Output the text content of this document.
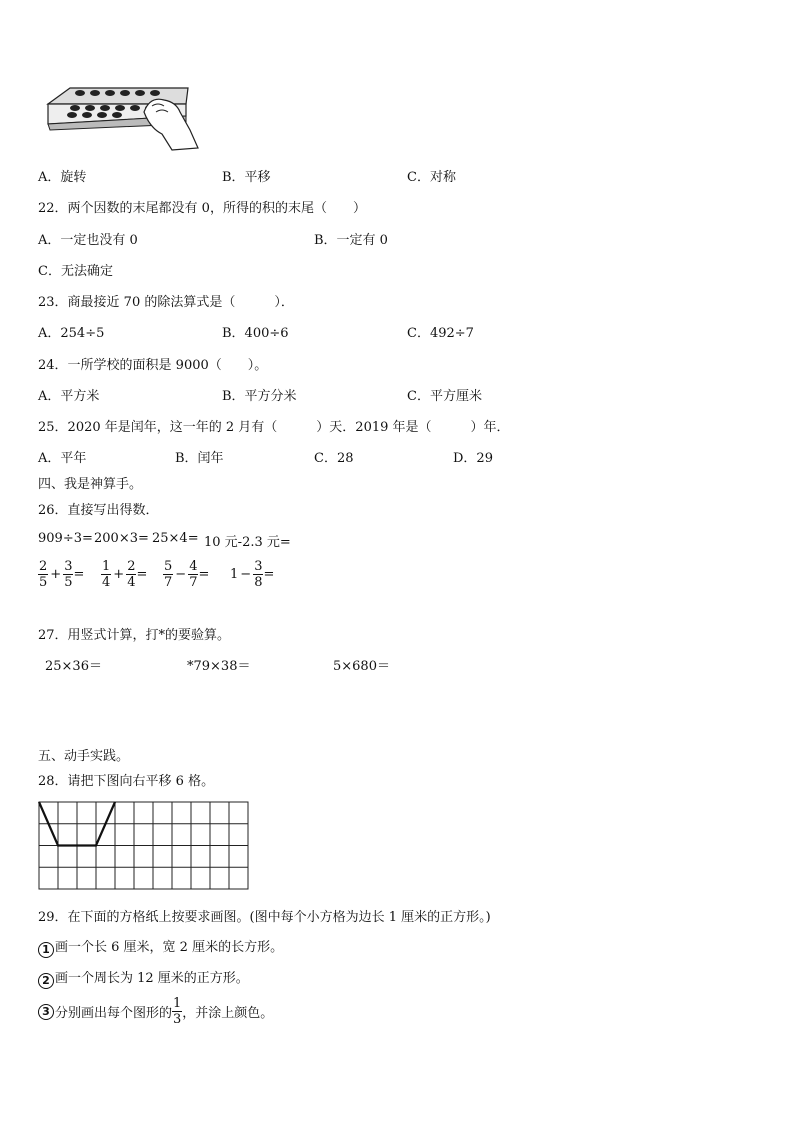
A．旋转	B．平移	C．对称
22．两个因数的末尾都没有 0，所得的积的末尾（　　）
A．一定也没有 0	B．一定有 0
C．无法确定
23．商最接近 70 的除法算式是（　　　）．
A．254÷5	B．400÷6	C．492÷7
24．一所学校的面积是 9000（　　）。
A．平方米	B．平方分米	C．平方厘米
25．2020 年是闰年，这一年的 2 月有（　　　）天．2019 年是（　　　）年．
A．平年	B．闰年	C．28	D．29
四、我是神算手。
26．直接写出得数．
909÷3= 200×3= 25×4= 10 元-2.3 元=
$\frac{2}{5} + \frac{3}{5} = \frac{1}{4} + \frac{2}{4} = \frac{5}{7} - \frac{4}{7} = 1 - \frac{3}{8}$ =
27．用竖式计算，打*的要验算。
25×36＝	*79×38＝	5×680＝
五、动手实践。
28．请把下图向右平移 6 格。
29．在下面的方格纸上按要求画图。(图中每个小方格为边长 1 厘米的正方形。)
1 画一个长 6 厘米，宽 2 厘米的长方形。
2 画一个周长为 12 厘米的正方形。
3 分别画出每个图形的 $\frac{1}{3}$ ，并涂上颜色。
